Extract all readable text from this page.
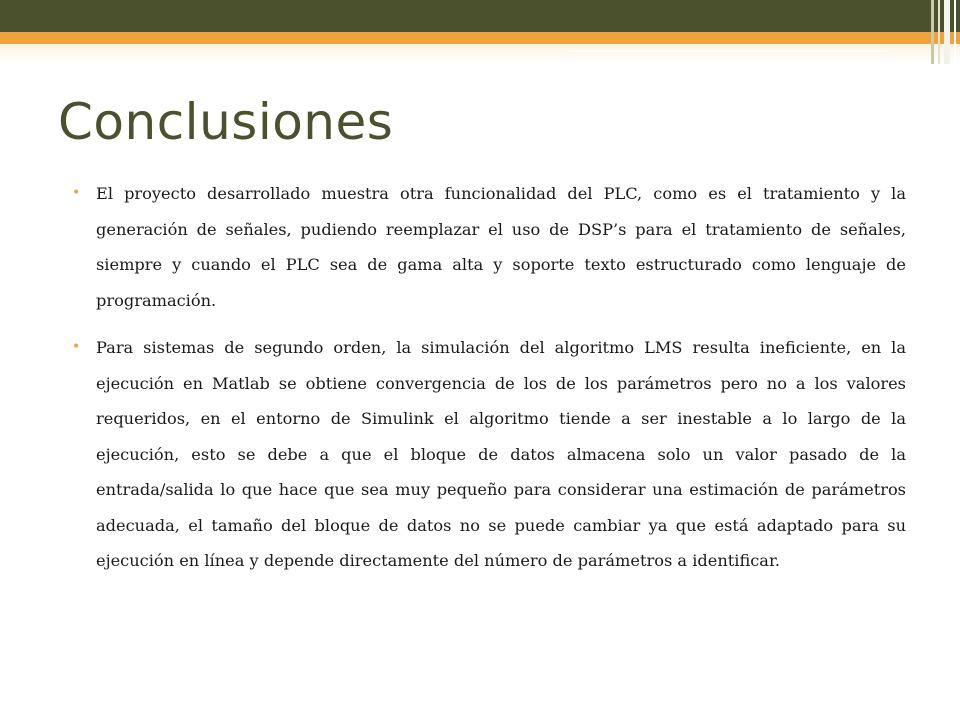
Conclusiones
• El proyecto desarrollado muestra otra funcionalidad del PLC, como es el tratamiento y la generación de señales, pudiendo reemplazar el uso de DSP’s para el tratamiento de señales, siempre y cuando el PLC sea de gama alta y soporte texto estructurado como lenguaje de programación.
• Para sistemas de segundo orden, la simulación del algoritmo LMS resulta ineficiente, en la ejecución en Matlab se obtiene convergencia de los de los parámetros pero no a los valores requeridos, en el entorno de Simulink el algoritmo tiende a ser inestable a lo largo de la ejecución, esto se debe a que el bloque de datos almacena solo un valor pasado de la entrada/salida lo que hace que sea muy pequeño para considerar una estimación de parámetros adecuada, el tamaño del bloque de datos no se puede cambiar ya que está adaptado para su ejecución en línea y depende directamente del número de parámetros a identificar.
